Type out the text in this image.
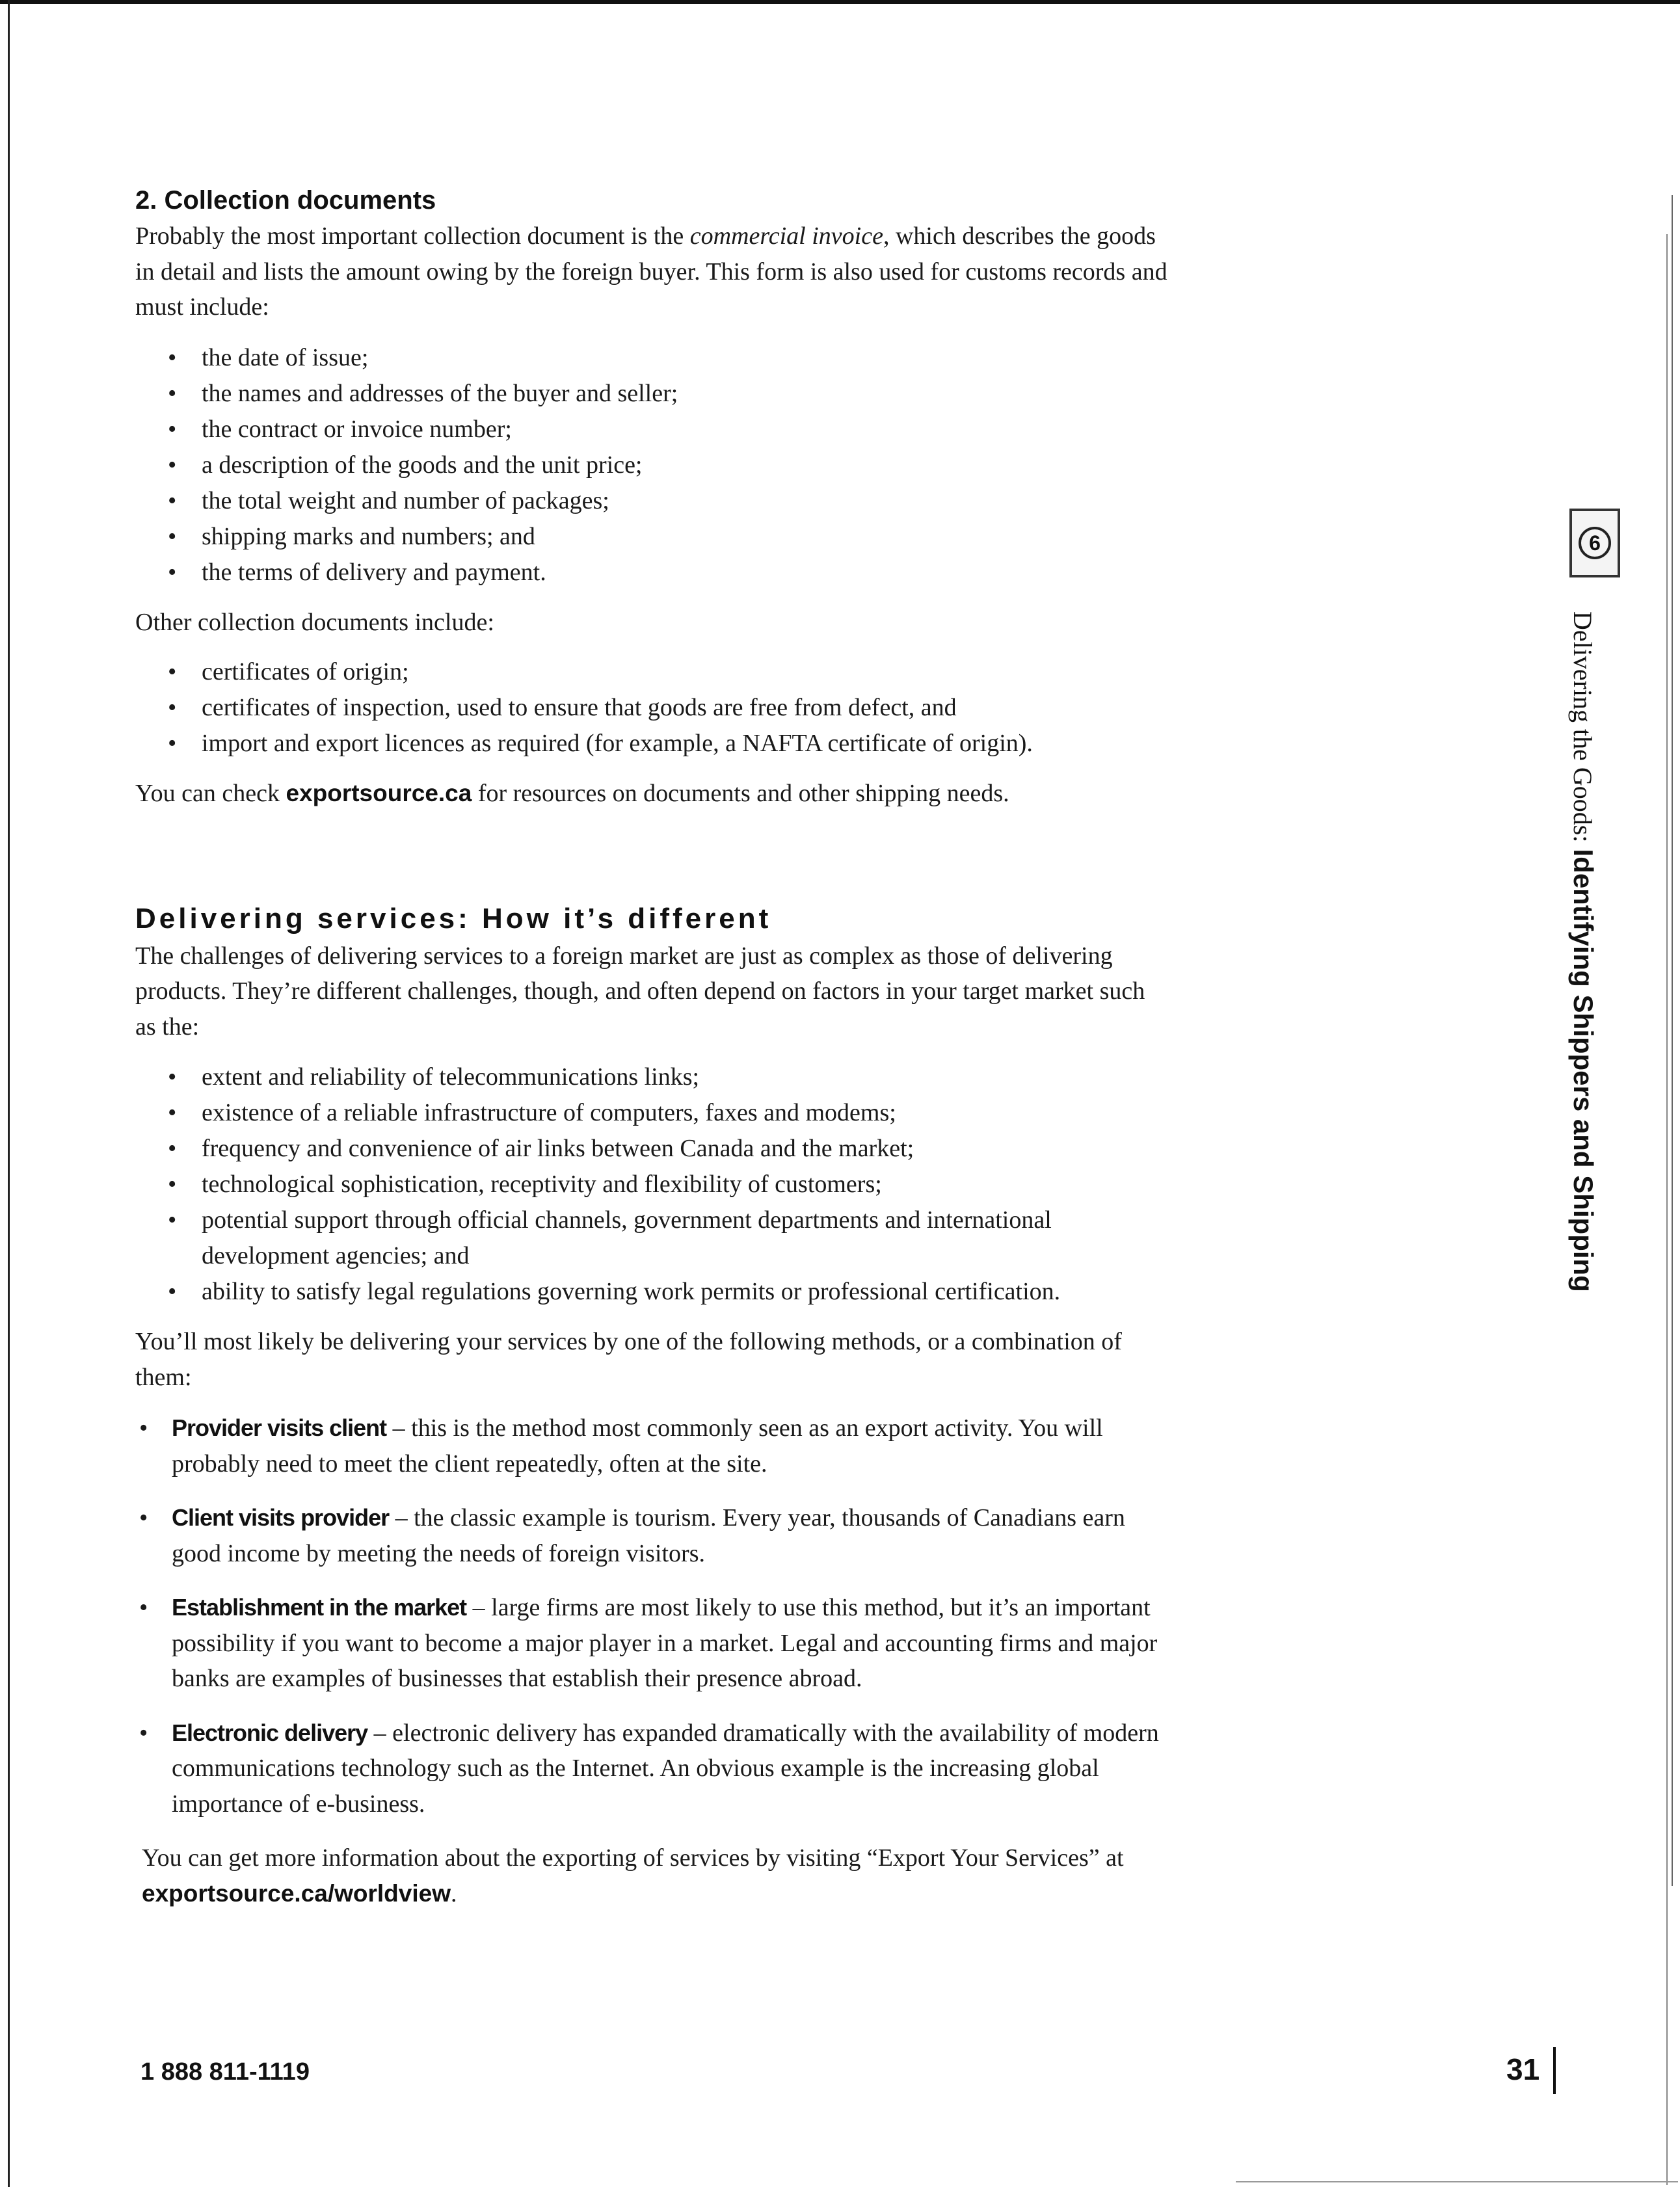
2. Collection documents

Probably the most important collection document is the commercial invoice, which describes the goods in detail and lists the amount owing by the foreign buyer. This form is also used for customs records and must include:

• the date of issue;
• the names and addresses of the buyer and seller;
• the contract or invoice number;
• a description of the goods and the unit price;
• the total weight and number of packages;
• shipping marks and numbers; and
• the terms of delivery and payment.

Other collection documents include:

• certificates of origin;
• certificates of inspection, used to ensure that goods are free from defect, and
• import and export licences as required (for example, a NAFTA certificate of origin).

You can check exportsource.ca for resources on documents and other shipping needs.

Delivering services: How it’s different

The challenges of delivering services to a foreign market are just as complex as those of delivering products. They’re different challenges, though, and often depend on factors in your target market such as the:

• extent and reliability of telecommunications links;
• existence of a reliable infrastructure of computers, faxes and modems;
• frequency and convenience of air links between Canada and the market;
• technological sophistication, receptivity and flexibility of customers;
• potential support through official channels, government departments and international development agencies; and
• ability to satisfy legal regulations governing work permits or professional certification.

You’ll most likely be delivering your services by one of the following methods, or a combination of them:

• Provider visits client – this is the method most commonly seen as an export activity. You will probably need to meet the client repeatedly, often at the site.
• Client visits provider – the classic example is tourism. Every year, thousands of Canadians earn good income by meeting the needs of foreign visitors.
• Establishment in the market – large firms are most likely to use this method, but it’s an important possibility if you want to become a major player in a market. Legal and accounting firms and major banks are examples of businesses that establish their presence abroad.
• Electronic delivery – electronic delivery has expanded dramatically with the availability of modern communications technology such as the Internet. An obvious example is the increasing global importance of e-business.

You can get more information about the exporting of services by visiting “Export Your Services” at exportsource.ca/worldview.

1 888 811-1119	31
6
Delivering the Goods: Identifying Shippers and Shipping
